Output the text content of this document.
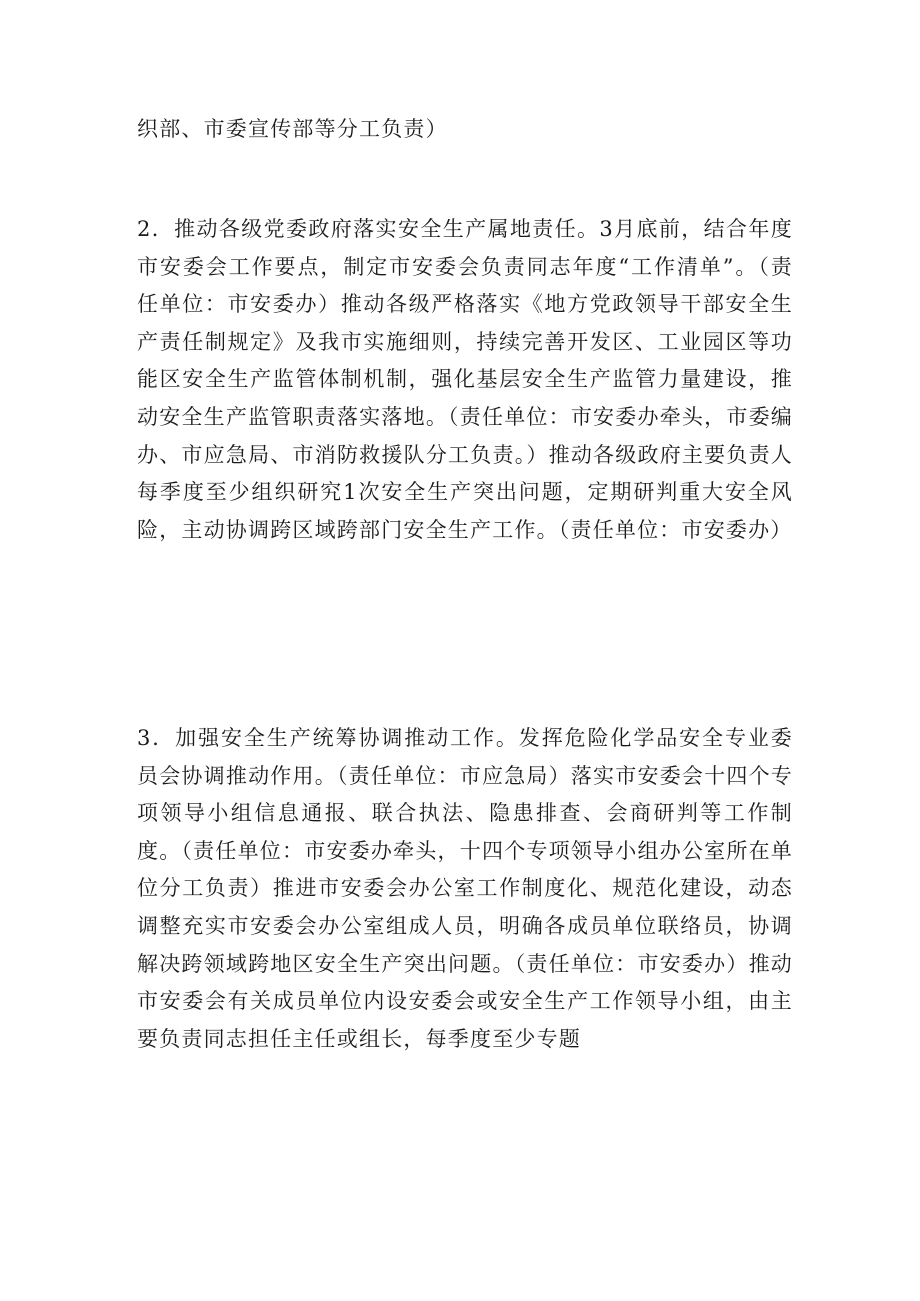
织部、市委宣传部等分工负责）

2．推动各级党委政府落实安全生产属地责任。3月底前，结合年度市安委会工作要点，制定市安委会负责同志年度“工作清单”。（责任单位：市安委办）推动各级严格落实《地方党政领导干部安全生产责任制规定》及我市实施细则，持续完善开发区、工业园区等功能区安全生产监管体制机制，强化基层安全生产监管力量建设，推动安全生产监管职责落实落地。（责任单位：市安委办牵头，市委编办、市应急局、市消防救援队分工负责。）推动各级政府主要负责人每季度至少组织研究1次安全生产突出问题，定期研判重大安全风险，主动协调跨区域跨部门安全生产工作。（责任单位：市安委办）

3．加强安全生产统筹协调推动工作。发挥危险化学品安全专业委员会协调推动作用。（责任单位：市应急局）落实市安委会十四个专项领导小组信息通报、联合执法、隐患排查、会商研判等工作制度。（责任单位：市安委办牵头，十四个专项领导小组办公室所在单位分工负责）推进市安委会办公室工作制度化、规范化建设，动态调整充实市安委会办公室组成人员，明确各成员单位联络员，协调解决跨领域跨地区安全生产突出问题。（责任单位：市安委办）推动市安委会有关成员单位内设安委会或安全生产工作领导小组，由主要负责同志担任主任或组长，每季度至少专题
